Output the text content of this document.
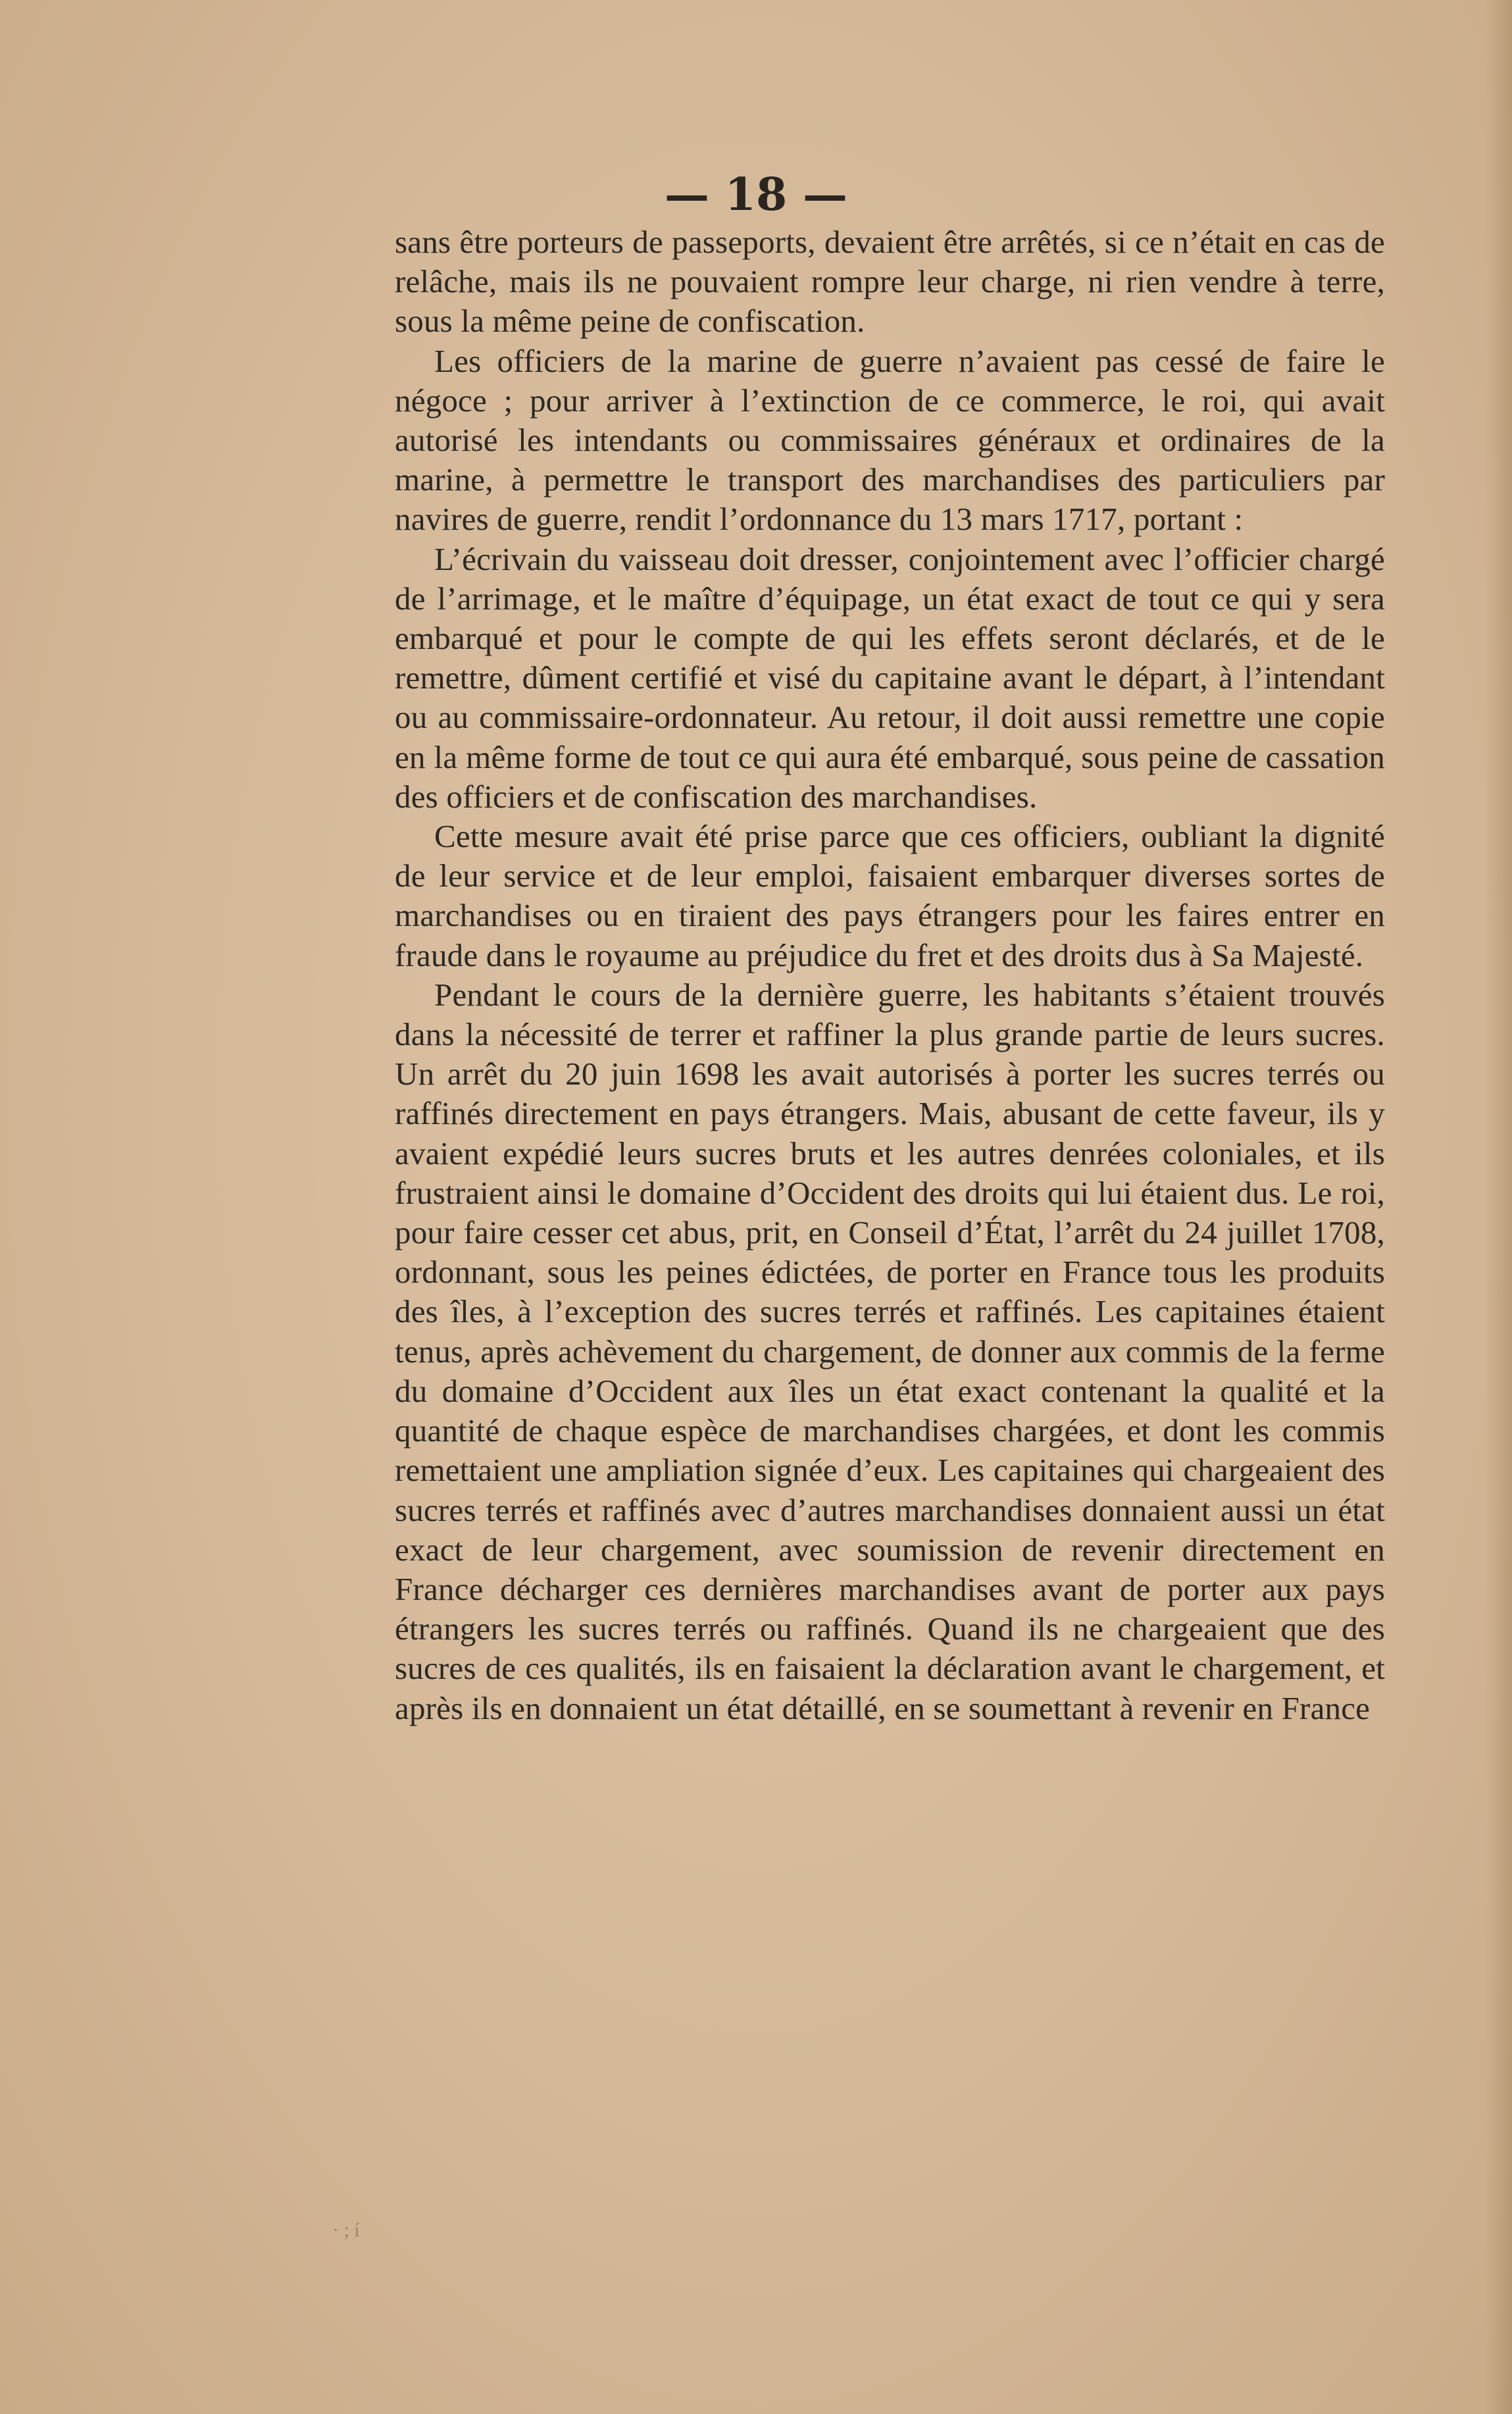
— 18 —

sans être porteurs de passeports, devaient être arrêtés, si ce n’était en cas de relâche, mais ils ne pouvaient rompre leur charge, ni rien vendre à terre, sous la même peine de confiscation.

Les officiers de la marine de guerre n’avaient pas cessé de faire le négoce ; pour arriver à l’extinction de ce commerce, le roi, qui avait autorisé les intendants ou commissaires généraux et ordinaires de la marine, à permettre le transport des marchandises des particuliers par navires de guerre, rendit l’ordonnance du 13 mars 1717, portant :

L’écrivain du vaisseau doit dresser, conjointement avec l’officier chargé de l’arrimage, et le maître d’équipage, un état exact de tout ce qui y sera embarqué et pour le compte de qui les effets seront déclarés, et de le remettre, dûment certifié et visé du capitaine avant le départ, à l’intendant ou au commissaire-ordonnateur. Au retour, il doit aussi remettre une copie en la même forme de tout ce qui aura été embarqué, sous peine de cassation des officiers et de confiscation des marchandises.

Cette mesure avait été prise parce que ces officiers, oubliant la dignité de leur service et de leur emploi, faisaient embarquer diverses sortes de marchandises ou en tiraient des pays étrangers pour les faires entrer en fraude dans le royaume au préjudice du fret et des droits dus à Sa Majesté.

Pendant le cours de la dernière guerre, les habitants s’étaient trouvés dans la nécessité de terrer et raffiner la plus grande partie de leurs sucres. Un arrêt du 20 juin 1698 les avait autorisés à porter les sucres terrés ou raffinés directement en pays étrangers. Mais, abusant de cette faveur, ils y avaient expédié leurs sucres bruts et les autres denrées coloniales, et ils frustraient ainsi le domaine d’Occident des droits qui lui étaient dus. Le roi, pour faire cesser cet abus, prit, en Conseil d’État, l’arrêt du 24 juillet 1708, ordonnant, sous les peines édictées, de porter en France tous les produits des îles, à l’exception des sucres terrés et raffinés. Les capitaines étaient tenus, après achèvement du chargement, de donner aux commis de la ferme du domaine d’Occident aux îles un état exact contenant la qualité et la quantité de chaque espèce de marchandises chargées, et dont les commis remettaient une ampliation signée d’eux. Les capitaines qui chargeaient des sucres terrés et raffinés avec d’autres marchandises donnaient aussi un état exact de leur chargement, avec soumission de revenir directement en France décharger ces dernières marchandises avant de porter aux pays étrangers les sucres terrés ou raffinés. Quand ils ne chargeaient que des sucres de ces qualités, ils en faisaient la déclaration avant le chargement, et après ils en donnaient un état détaillé, en se soumettant à revenir en France

· ; í
